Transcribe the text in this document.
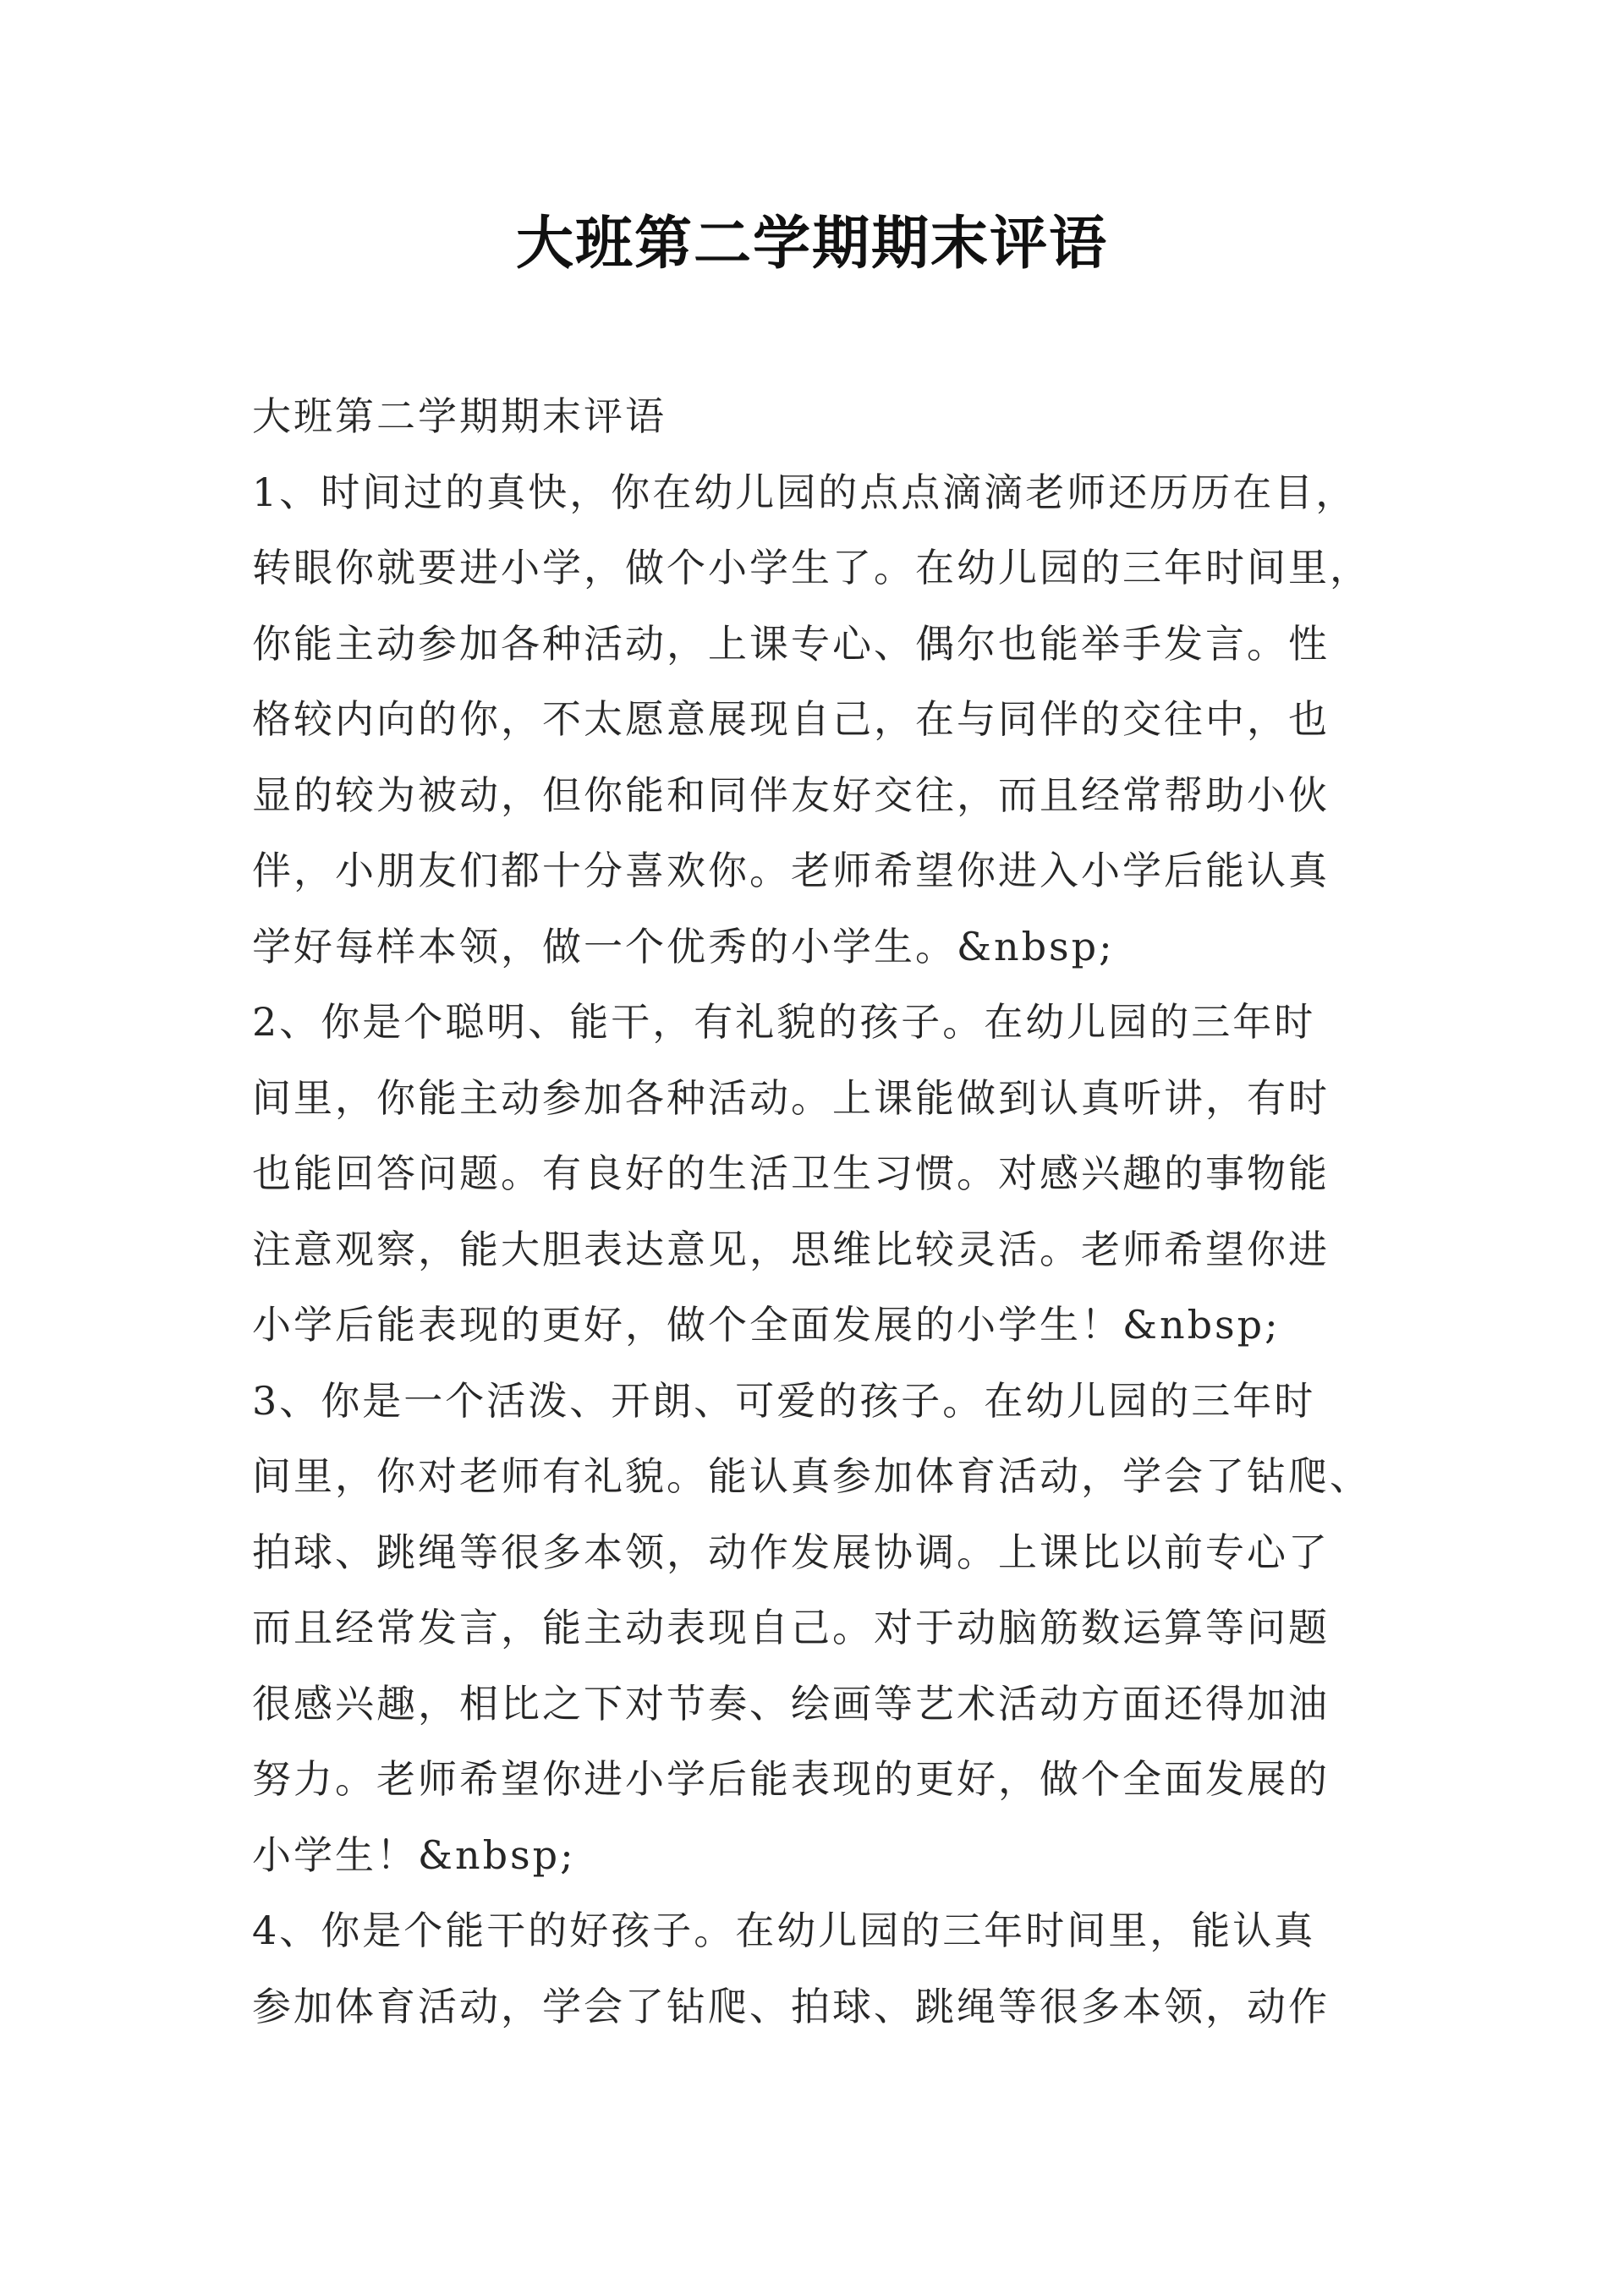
大班第二学期期末评语

大班第二学期期末评语

1、时间过的真快，你在幼儿园的点点滴滴老师还历历在目，

转眼你就要进小学，做个小学生了。在幼儿园的三年时间里，

你能主动参加各种活动，上课专心、偶尔也能举手发言。性

格较内向的你，不太愿意展现自己，在与同伴的交往中，也

显的较为被动，但你能和同伴友好交往，而且经常帮助小伙

伴，小朋友们都十分喜欢你。老师希望你进入小学后能认真

学好每样本领，做一个优秀的小学生。&nbsp;

2、你是个聪明、能干，有礼貌的孩子。在幼儿园的三年时

间里，你能主动参加各种活动。上课能做到认真听讲，有时

也能回答问题。有良好的生活卫生习惯。对感兴趣的事物能

注意观察，能大胆表达意见，思维比较灵活。老师希望你进

小学后能表现的更好，做个全面发展的小学生！&nbsp;

3、你是一个活泼、开朗、可爱的孩子。在幼儿园的三年时

间里，你对老师有礼貌。能认真参加体育活动，学会了钻爬、

拍球、跳绳等很多本领，动作发展协调。上课比以前专心了

而且经常发言，能主动表现自己。对于动脑筋数运算等问题

很感兴趣，相比之下对节奏、绘画等艺术活动方面还得加油

努力。老师希望你进小学后能表现的更好，做个全面发展的

小学生！&nbsp;

4、你是个能干的好孩子。在幼儿园的三年时间里，能认真

参加体育活动，学会了钻爬、拍球、跳绳等很多本领，动作
